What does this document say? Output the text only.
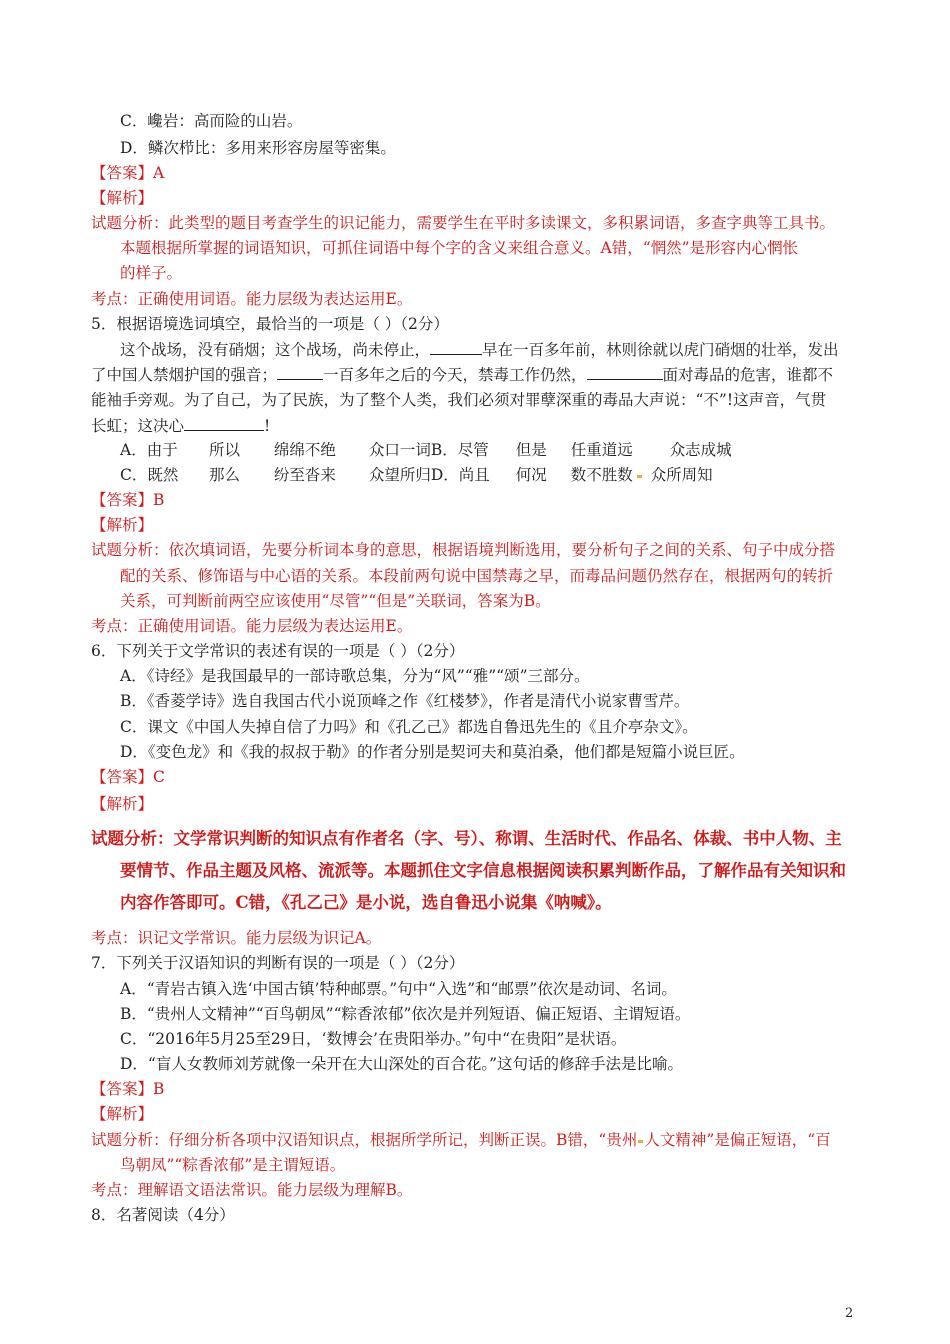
C．巉岩：高而险的山岩。
D．鳞次栉比：多用来形容房屋等密集。
【答案】A
【解析】
试题分析：此类型的题目考查学生的识记能力，需要学生在平时多读课文，多积累词语，多查字典等工具书。
本题根据所掌握的词语知识，可抓住词语中每个字的含义来组合意义。A错，“惘然”是形容内心惘怅
的样子。
考点：正确使用词语。能力层级为表达运用E。
5．根据语境选词填空，最恰当的一项是（ ）（2分）
这个战场，没有硝烟；这个战场，尚未停止，	早在一百多年前，林则徐就以虎门硝烟的壮举，发出
了中国人禁烟护国的强音；	一百多年之后的今天，禁毒工作仍然，	面对毒品的危害，谁都不
能袖手旁观。为了自己，为了民族，为了整个人类，我们必须对罪孽深重的毒品大声说：“不”!这声音，气贯
长虹；这决心	!
A．由于 所以 绵绵不绝 众口一词B．尽管 但是 任重道远 众志成城
C．既然 那么 纷至沓来 众望所归D．尚且 何况 数不胜数 众所周知
【答案】B
【解析】
试题分析：依次填词语，先要分析词本身的意思，根据语境判断选用，要分析句子之间的关系、句子中成分搭
配的关系、修饰语与中心语的关系。本段前两句说中国禁毒之早，而毒品问题仍然存在，根据两句的转折
关系，可判断前两空应该使用“尽管”“但是”关联词，答案为B。
考点：正确使用词语。能力层级为表达运用E。
6．下列关于文学常识的表述有误的一项是（ ）（2分）
A．《诗经》是我国最早的一部诗歌总集，分为“风”“雅”“颂”三部分。
B．《香菱学诗》选自我国古代小说顶峰之作《红楼梦》，作者是清代小说家曹雪芹。
C．课文《中国人失掉自信了力吗》和《孔乙己》都选自鲁迅先生的《且介亭杂文》。
D．《变色龙》和《我的叔叔于勒》的作者分别是契诃夫和莫泊桑，他们都是短篇小说巨匠。
【答案】C
【解析】
试题分析：文学常识判断的知识点有作者名（字、号）、称谓、生活时代、作品名、体裁、书中人物、主
要情节、作品主题及风格、流派等。本题抓住文字信息根据阅读积累判断作品，了解作品有关知识和
内容作答即可。C错，《孔乙己》是小说，选自鲁迅小说集《呐喊》。
考点：识记文学常识。能力层级为识记A。
7．下列关于汉语知识的判断有误的一项是（ ）（2分）
A．“青岩古镇入选‘中国古镇’特种邮票。”句中“入选”和“邮票”依次是动词、名词。
B．“贵州人文精神”“百鸟朝凤”“粽香浓郁”依次是并列短语、偏正短语、主谓短语。
C．“2016年5月25至29日，‘数博会’在贵阳举办。”句中“在贵阳”是状语。
D．“盲人女教师刘芳就像一朵开在大山深处的百合花。”这句话的修辞手法是比喻。
【答案】B
【解析】
试题分析：仔细分析各项中汉语知识点，根据所学所记，判断正误。B错，“贵州 人文精神”是偏正短语，“百
鸟朝凤”“粽香浓郁”是主谓短语。
考点：理解语文语法常识。能力层级为理解B。
8．名著阅读（4分）
2
